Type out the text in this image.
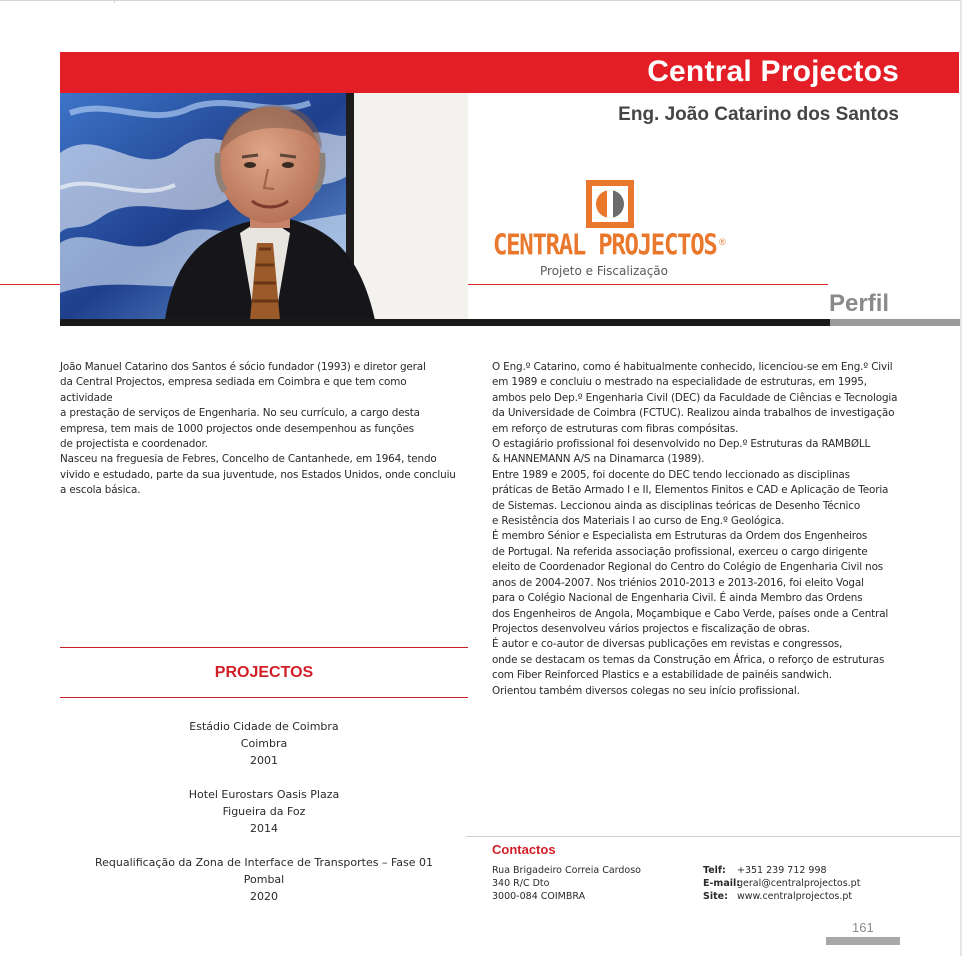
Central Projectos
Eng. João Catarino dos Santos
CENTRAL PROJECTOS ®
Projeto e Fiscalização
Perfil

João Manuel Catarino dos Santos é sócio fundador (1993) e diretor geral
da Central Projectos, empresa sediada em Coimbra e que tem como actividade
a prestação de serviços de Engenharia. No seu currículo, a cargo desta
empresa, tem mais de 1000 projectos onde desempenhou as funções
de projectista e coordenador.
Nasceu na freguesia de Febres, Concelho de Cantanhede, em 1964, tendo
vivido e estudado, parte da sua juventude, nos Estados Unidos, onde concluiu
a escola básica.

O Eng.º Catarino, como é habitualmente conhecido, licenciou-se em Eng.º Civil
em 1989 e concluiu o mestrado na especialidade de estruturas, em 1995,
ambos pelo Dep.º Engenharia Civil (DEC) da Faculdade de Ciências e Tecnologia
da Universidade de Coimbra (FCTUC). Realizou ainda trabalhos de investigação
em reforço de estruturas com fibras compósitas.
O estagiário profissional foi desenvolvido no Dep.º Estruturas da RAMBØLL
& HANNEMANN A/S na Dinamarca (1989).
Entre 1989 e 2005, foi docente do DEC tendo leccionado as disciplinas
práticas de Betão Armado I e II, Elementos Finitos e CAD e Aplicação de Teoria
de Sistemas. Leccionou ainda as disciplinas teóricas de Desenho Técnico
e Resistência dos Materiais I ao curso de Eng.º Geológica.
É membro Sénior e Especialista em Estruturas da Ordem dos Engenheiros
de Portugal. Na referida associação profissional, exerceu o cargo dirigente
eleito de Coordenador Regional do Centro do Colégio de Engenharia Civil nos
anos de 2004-2007. Nos triénios 2010-2013 e 2013-2016, foi eleito Vogal
para o Colégio Nacional de Engenharia Civil. É ainda Membro das Ordens
dos Engenheiros de Angola, Moçambique e Cabo Verde, países onde a Central
Projectos desenvolveu vários projectos e fiscalização de obras.
É autor e co-autor de diversas publicações em revistas e congressos,
onde se destacam os temas da Construção em África, o reforço de estruturas
com Fiber Reinforced Plastics e a estabilidade de painéis sandwich.
Orientou também diversos colegas no seu início profissional.

PROJECTOS
Estádio Cidade de Coimbra
Coimbra
2001
Hotel Eurostars Oasis Plaza
Figueira da Foz
2014
Requalificação da Zona de Interface de Transportes – Fase 01
Pombal
2020
Contactos
Rua Brigadeiro Correia Cardoso
340 R/C Dto
3000-084 COIMBRA
Telf: +351 239 712 998
E-mail:geral@centralprojectos.pt
Site: www.centralprojectos.pt

161
